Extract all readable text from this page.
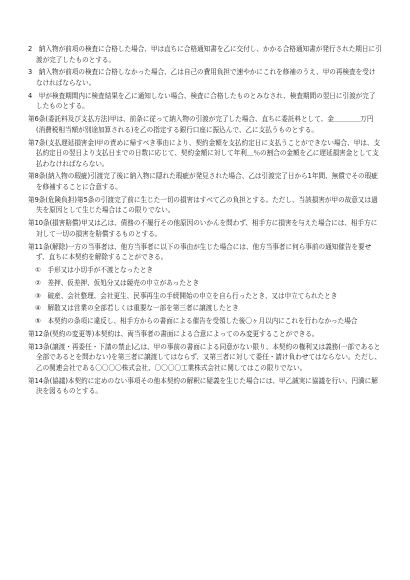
2　納入物が前項の検査に合格した場合、甲は直ちに合格通知書を乙に交付し、かかる合格通知書が発行された期日に引渡が完了したものとする。

3　納入物が前項の検査に合格しなかった場合、乙は自己の費用負担で速やかにこれを修補のうえ、甲の再検査を受けなければならない。

4　甲が検査期間内に検査結果を乙に通知しない場合、検査に合格したものとみなされ、検査期間の翌日に引渡が完了したものとする。

第6条(委託料及び支払方法)甲は、前条に従って納入物の引渡が完了した場合、直ちに委託料として、金＿＿＿＿万円(消費税相当額が別途加算される)を乙の指定する銀行口座に振込んで、乙に支払うものとする。

第7条(支払遅延損害金)甲の責めに帰すべき事由により、契約金額を支払約定日に支払うことができない場合、甲は、支払約定日の翌日より支払日までの日数に応じて、契約金額に対して年利＿％の割合の金額を乙に遅延損害金として支払わなければならない。

第8条(納入物の瑕疵)引渡完了後に納入物に隠れた瑕疵が発見された場合、乙は引渡完了日から1年間、無償でその瑕疵を修補することに合意する。

第9条(危険負担)第5条の引渡完了前に生じた一切の損害はすべて乙の負担とする。ただし、当該損害が甲の故意又は過失を原因として生じた場合はこの限りでない。

第10条(損害賠償)甲又は乙は、債務の不履行その他原因のいかんを問わず、相手方に損害を与えた場合には、相手方に対して一切の損害を賠償するものとする。

第11条(解除)一方の当事者は、他方当事者に以下の事由が生じた場合には、他方当事者に何ら事前の通知催告を要せず、直ちに本契約を解除することができる。

①　手形又は小切手が不渡となったとき

②　差押、仮差押、仮処分又は競売の申立があったとき

③　破産、会社整理、会社更生、民事再生の手続開始の申立を自ら行ったとき、又は申立てられたとき

④　解散又は営業の全部若しくは重要な一部を第三者に譲渡したとき

⑤　本契約の条項に違反し、相手方からの書面による催告を受領した後〇ヶ月以内にこれを行わなかった場合

第12条(契約の変更等)本契約は、両当事者の書面による合意によってのみ変更することができる。

第13条(譲渡・再委任・下請の禁止)乙は、甲の事前の書面による同意がない限り、本契約の権利又は義務(一部であると全部であるとを問わない)を第三者に譲渡してはならず、又第三者に対して委任・請け負わせてはならない。ただし、乙の関連会社である〇〇〇〇株式会社、〇〇〇〇工業株式会社に関してはこの限りでない。

第14条(協議)本契約に定めのない事項その他本契約の解釈に疑義を生じた場合には、甲乙誠実に協議を行い、円満に解決を図るものとする。
